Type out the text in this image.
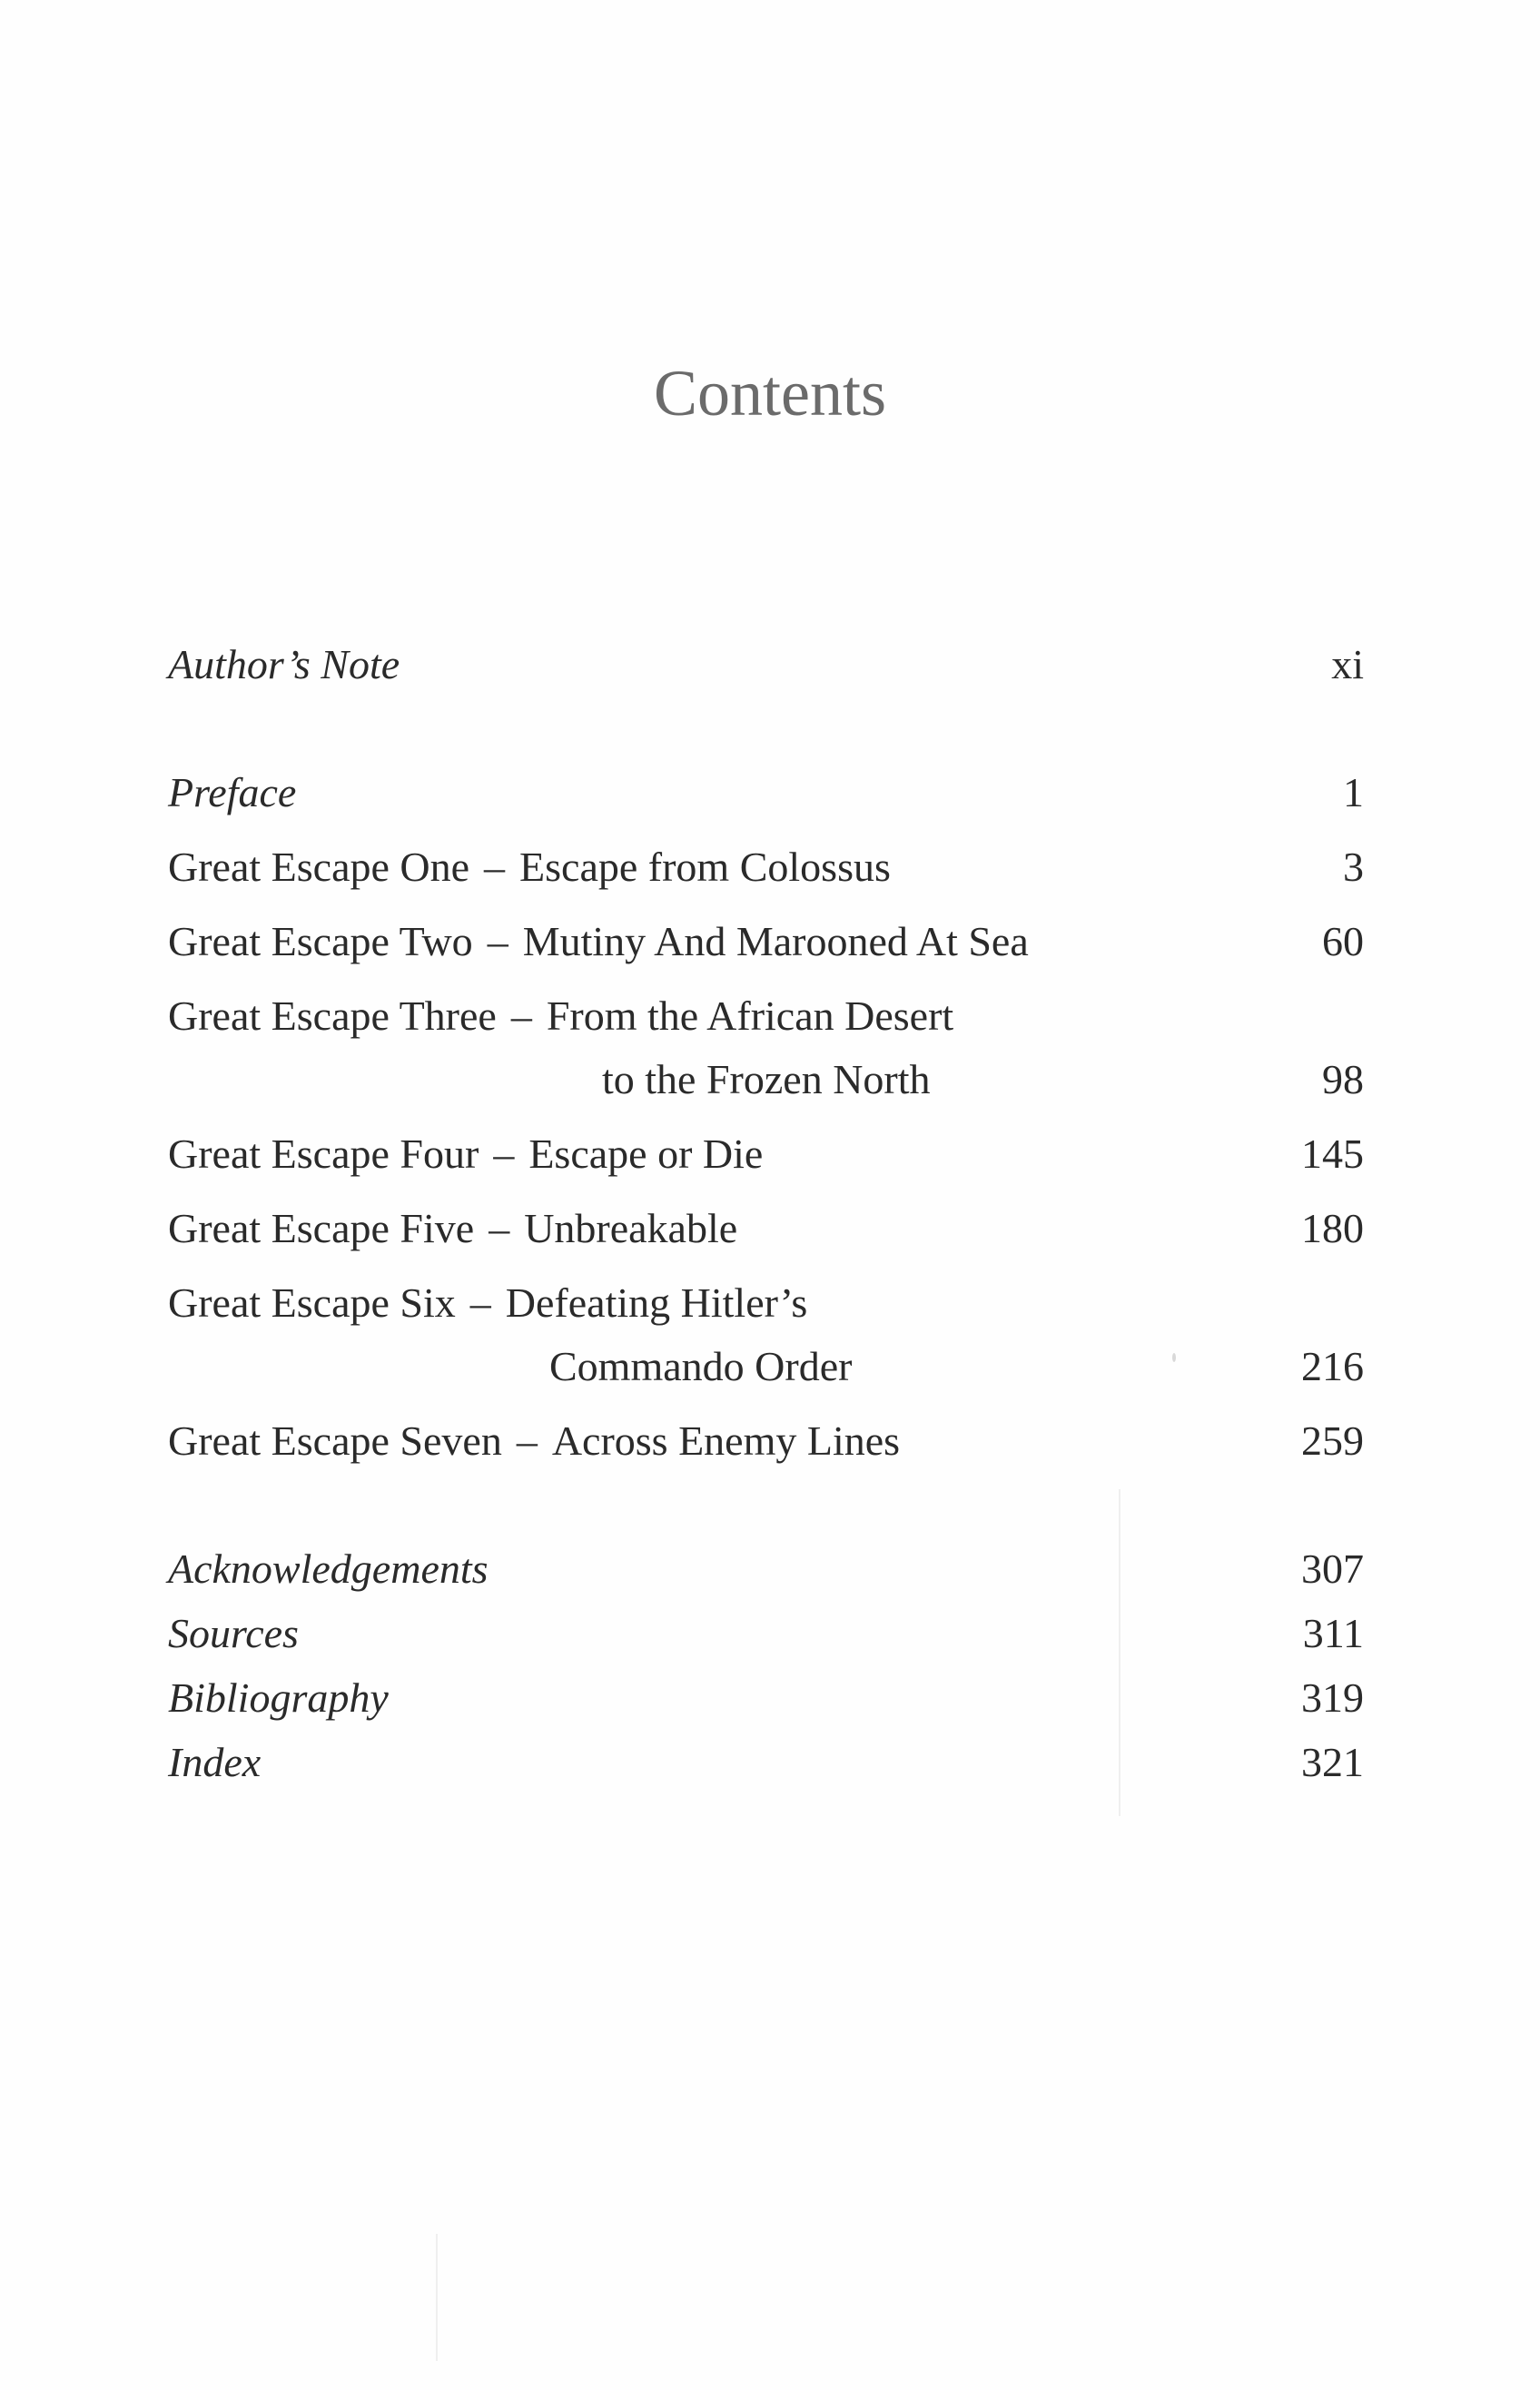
Contents
Author’s Note	xi
Preface	1
Great Escape One – Escape from Colossus	3
Great Escape Two – Mutiny And Marooned At Sea	60
Great Escape Three – From the African Desert
to the Frozen North	98
Great Escape Four – Escape or Die	145
Great Escape Five – Unbreakable	180
Great Escape Six – Defeating Hitler’s
Commando Order	216
Great Escape Seven – Across Enemy Lines	259
Acknowledgements	307
Sources	311
Bibliography	319
Index	321
